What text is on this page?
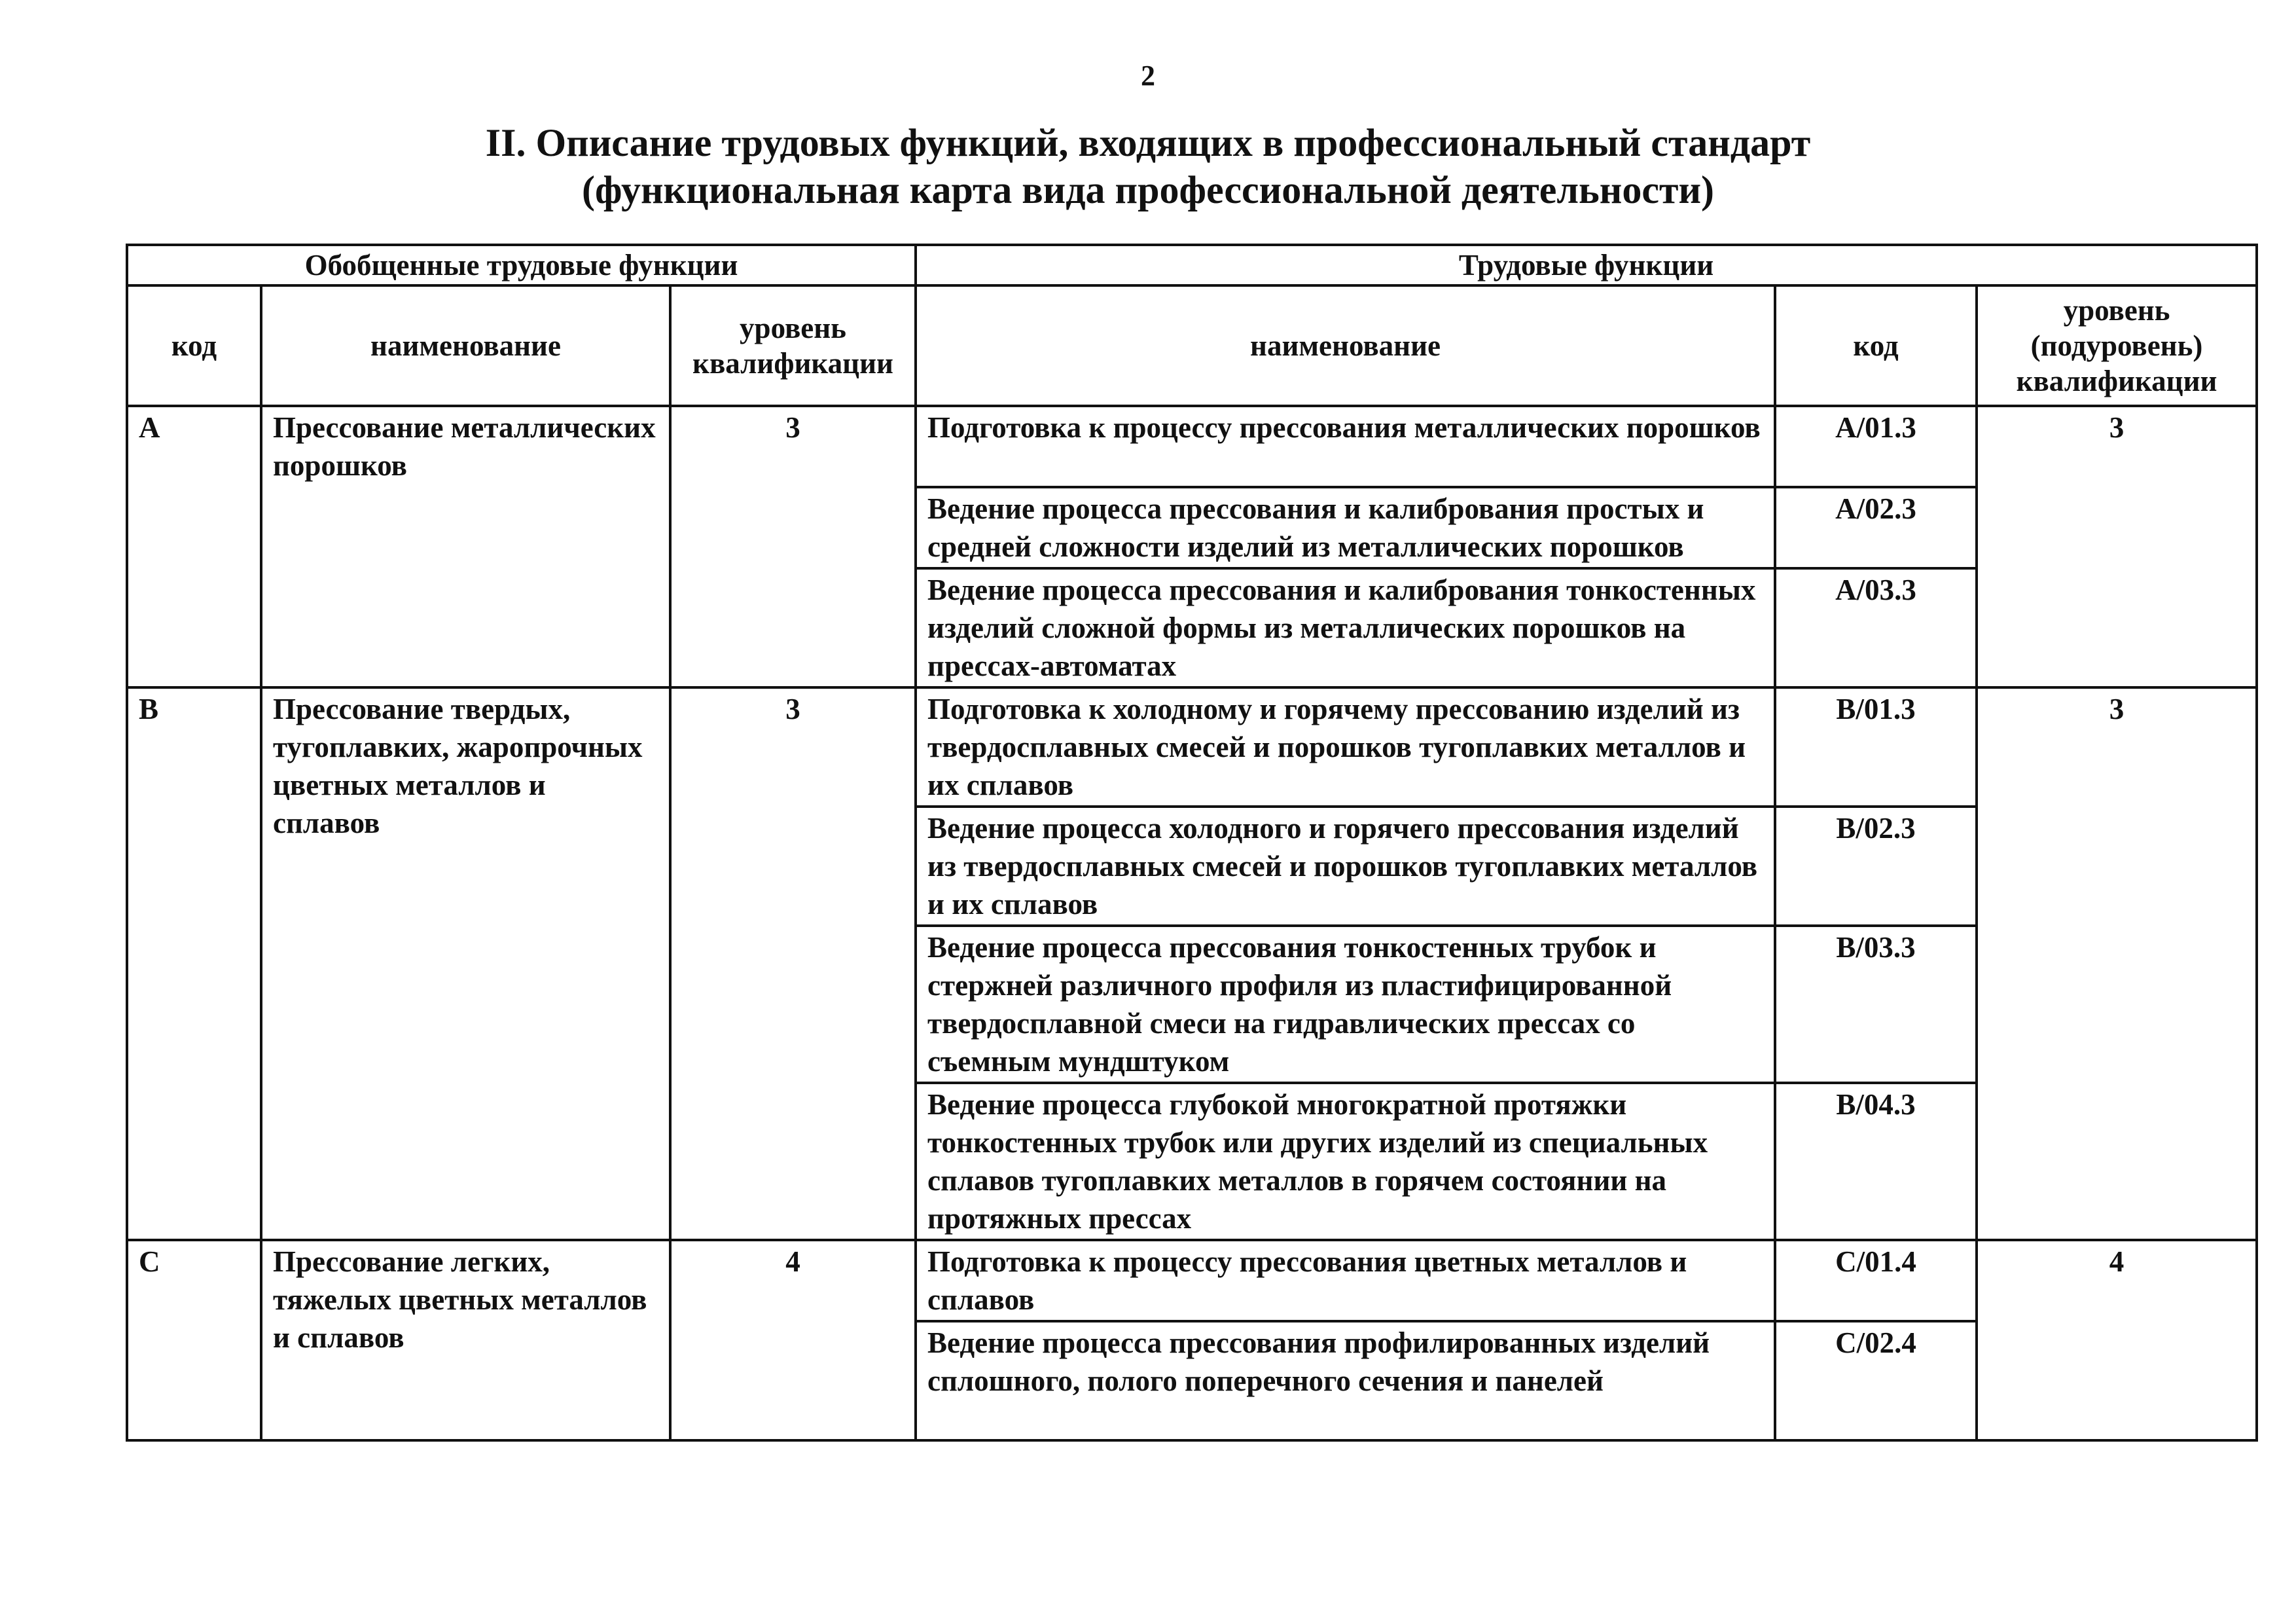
2
II. Описание трудовых функций, входящих в профессиональный стандарт
(функциональная карта вида профессиональной деятельности)
Обобщенные трудовые функции			Трудовые функции		
код	наименование	уровень квалификации	наименование	код	уровень (подуровень) квалификации
A	Прессование металлических порошков	3	Подготовка к процессу прессования металлических порошков	A/01.3	3
			Ведение процесса прессования и калибрования простых и средней сложности изделий из металлических порошков	A/02.3	
			Ведение процесса прессования и калибрования тонкостенных изделий сложной формы из металлических порошков на прессах-автоматах	A/03.3	
B	Прессование твердых, тугоплавких, жаропрочных цветных металлов и сплавов	3	Подготовка к холодному и горячему прессованию изделий из твердосплавных смесей и порошков тугоплавких металлов и их сплавов	B/01.3	3
			Ведение процесса холодного и горячего прессования изделий из твердосплавных смесей и порошков тугоплавких металлов и их сплавов	B/02.3	
			Ведение процесса прессования тонкостенных трубок и стержней различного профиля из пластифицированной твердосплавной смеси на гидравлических прессах со съемным мундштуком	B/03.3	
			Ведение процесса глубокой многократной протяжки тонкостенных трубок или других изделий из специальных сплавов тугоплавких металлов в горячем состоянии на протяжных прессах	B/04.3	
C	Прессование легких, тяжелых цветных металлов и сплавов	4	Подготовка к процессу прессования цветных металлов и сплавов	C/01.4	4
			Ведение процесса прессования профилированных изделий сплошного, полого поперечного сечения и панелей	C/02.4	
